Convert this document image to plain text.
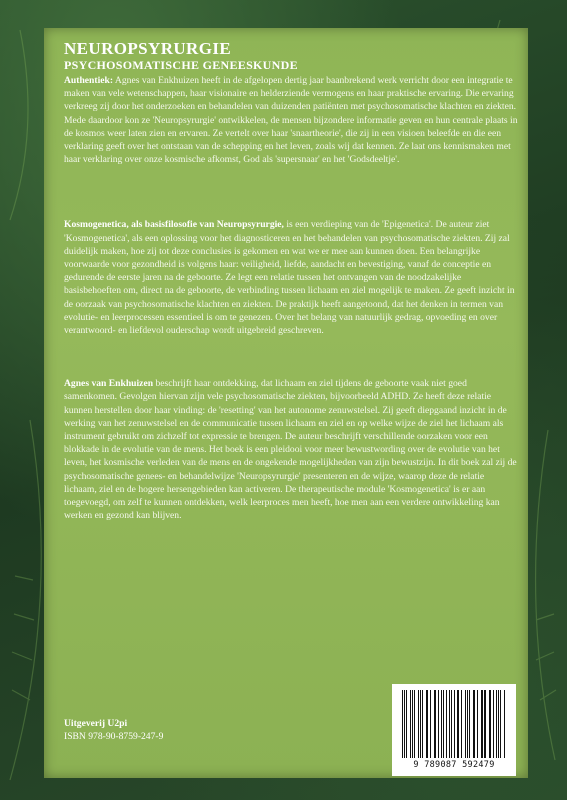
NEUROPSYRURGIE
PSYCHOSOMATISCHE GENEESKUNDE

Authentiek: Agnes van Enkhuizen heeft in de afgelopen dertig jaar baanbrekend werk verricht door een integratie te maken van vele wetenschappen, haar visionaire en helderziende vermogens en haar praktische ervaring. Die ervaring verkreeg zij door het onderzoeken en behandelen van duizenden patiënten met psychosomatische klachten en ziekten. Mede daardoor kon ze 'Neuropsyrurgie' ontwikkelen, de mensen bijzondere informatie geven en hun centrale plaats in de kosmos weer laten zien en ervaren. Ze vertelt over haar 'snaartheorie', die zij in een visioen beleefde en die een verklaring geeft over het ontstaan van de schepping en het leven, zoals wij dat kennen. Ze laat ons kennismaken met haar verklaring over onze kosmische afkomst, God als 'supersnaar' en het 'Godsdeeltje'.

Kosmogenetica, als basisfilosofie van Neuropsyrurgie, is een verdieping van de 'Epigenetica'. De auteur ziet 'Kosmogenetica', als een oplossing voor het diagnosticeren en het behandelen van psychosomatische ziekten. Zij zal duidelijk maken, hoe zij tot deze conclusies is gekomen en wat we er mee aan kunnen doen. Een belangrijke voorwaarde voor gezondheid is volgens haar: veiligheid, liefde, aandacht en bevestiging, vanaf de conceptie en gedurende de eerste jaren na de geboorte. Ze legt een relatie tussen het ontvangen van de noodzakelijke basisbehoeften om, direct na de geboorte, de verbinding tussen lichaam en ziel mogelijk te maken. Ze geeft inzicht in de oorzaak van psychosomatische klachten en ziekten. De praktijk heeft aangetoond, dat het denken in termen van evolutie- en leerprocessen essentieel is om te genezen. Over het belang van natuurlijk gedrag, opvoeding en over verantwoord- en liefdevol ouderschap wordt uitgebreid geschreven.

Agnes van Enkhuizen beschrijft haar ontdekking, dat lichaam en ziel tijdens de geboorte vaak niet goed samenkomen. Gevolgen hiervan zijn vele psychosomatische ziekten, bijvoorbeeld ADHD. Ze heeft deze relatie kunnen herstellen door haar vinding: de 'resetting' van het autonome zenuwstelsel. Zij geeft diepgaand inzicht in de werking van het zenuwstelsel en de communicatie tussen lichaam en ziel en op welke wijze de ziel het lichaam als instrument gebruikt om zichzelf tot expressie te brengen. De auteur beschrijft verschillende oorzaken voor een blokkade in de evolutie van de mens. Het boek is een pleidooi voor meer bewustwording over de evolutie van het leven, het kosmische verleden van de mens en de ongekende mogelijkheden van zijn bewustzijn. In dit boek zal zij de psychosomatische genees- en behandelwijze 'Neuropsyrurgie' presenteren en de wijze, waarop deze de relatie lichaam, ziel en de hogere hersengebieden kan activeren. De therapeutische module 'Kosmogenetica' is er aan toegevoegd, om zelf te kunnen ontdekken, welk leerproces men heeft, hoe men aan een verdere ontwikkeling kan werken en gezond kan blijven.

Uitgeverij U2pi
ISBN 978-90-8759-247-9
9 789087 592479
